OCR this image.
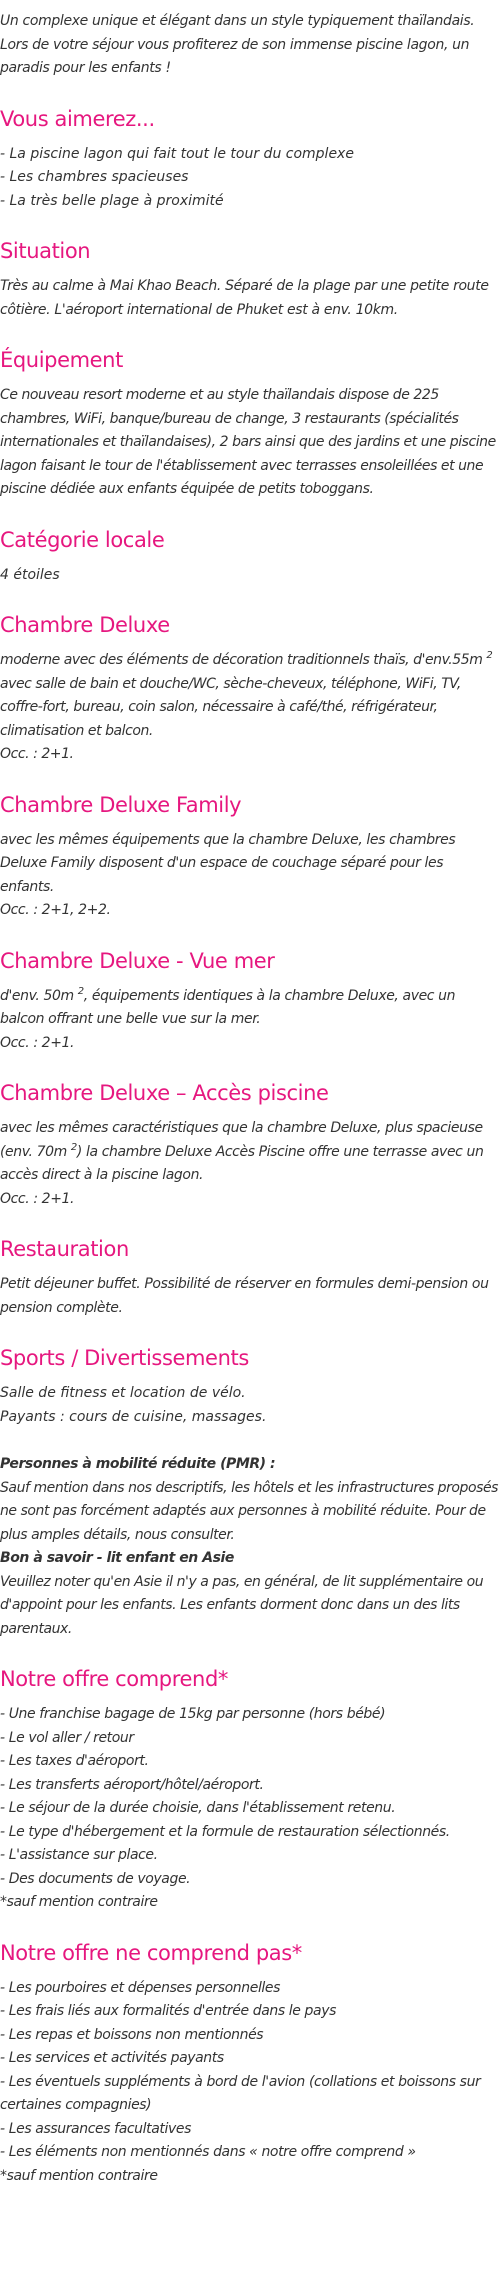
Un complexe unique et élégant dans un style typiquement thaïlandais. Lors de votre séjour vous profiterez de son immense piscine lagon, un paradis pour les enfants !

Vous aimerez...

- La piscine lagon qui fait tout le tour du complexe
- Les chambres spacieuses
- La très belle plage à proximité

Situation

Très au calme à Mai Khao Beach. Séparé de la plage par une petite route côtière. L'aéroport international de Phuket est à env. 10km.

Équipement

Ce nouveau resort moderne et au style thaïlandais dispose de 225 chambres, WiFi, banque/bureau de change, 3 restaurants (spécialités internationales et thaïlandaises), 2 bars ainsi que des jardins et une piscine lagon faisant le tour de l'établissement avec terrasses ensoleillées et une piscine dédiée aux enfants équipée de petits toboggans.

Catégorie locale

4 étoiles

Chambre Deluxe

moderne avec des éléments de décoration traditionnels thaïs, d'env.55m $^2$ avec salle de bain et douche/WC, sèche-cheveux, téléphone, WiFi, TV, coffre-fort, bureau, coin salon, nécessaire à café/thé, réfrigérateur, climatisation et balcon.
Occ. : 2+1.

Chambre Deluxe Family

avec les mêmes équipements que la chambre Deluxe, les chambres Deluxe Family disposent d'un espace de couchage séparé pour les enfants.
Occ. : 2+1, 2+2.

Chambre Deluxe - Vue mer

d'env. 50m $^2$, équipements identiques à la chambre Deluxe, avec un balcon offrant une belle vue sur la mer.
Occ. : 2+1.

Chambre Deluxe – Accès piscine

avec les mêmes caractéristiques que la chambre Deluxe, plus spacieuse (env. 70m $^2$) la chambre Deluxe Accès Piscine offre une terrasse avec un accès direct à la piscine lagon.
Occ. : 2+1.

Restauration

Petit déjeuner buffet. Possibilité de réserver en formules demi-pension ou pension complète.

Sports / Divertissements

Salle de fitness et location de vélo.
Payants : cours de cuisine, massages.

Personnes à mobilité réduite (PMR) :
Sauf mention dans nos descriptifs, les hôtels et les infrastructures proposés ne sont pas forcément adaptés aux personnes à mobilité réduite. Pour de plus amples détails, nous consulter.
Bon à savoir - lit enfant en Asie
Veuillez noter qu'en Asie il n'y a pas, en général, de lit supplémentaire ou d'appoint pour les enfants. Les enfants dorment donc dans un des lits parentaux.

Notre offre comprend*

- Une franchise bagage de 15kg par personne (hors bébé)
- Le vol aller / retour
- Les taxes d'aéroport.
- Les transferts aéroport/hôtel/aéroport.
- Le séjour de la durée choisie, dans l'établissement retenu.
- Le type d'hébergement et la formule de restauration sélectionnés.
- L'assistance sur place.
- Des documents de voyage.
*sauf mention contraire

Notre offre ne comprend pas*

- Les pourboires et dépenses personnelles
- Les frais liés aux formalités d'entrée dans le pays
- Les repas et boissons non mentionnés
- Les services et activités payants
- Les éventuels suppléments à bord de l'avion (collations et boissons sur certaines compagnies)
- Les assurances facultatives
- Les éléments non mentionnés dans « notre offre comprend »
*sauf mention contraire
